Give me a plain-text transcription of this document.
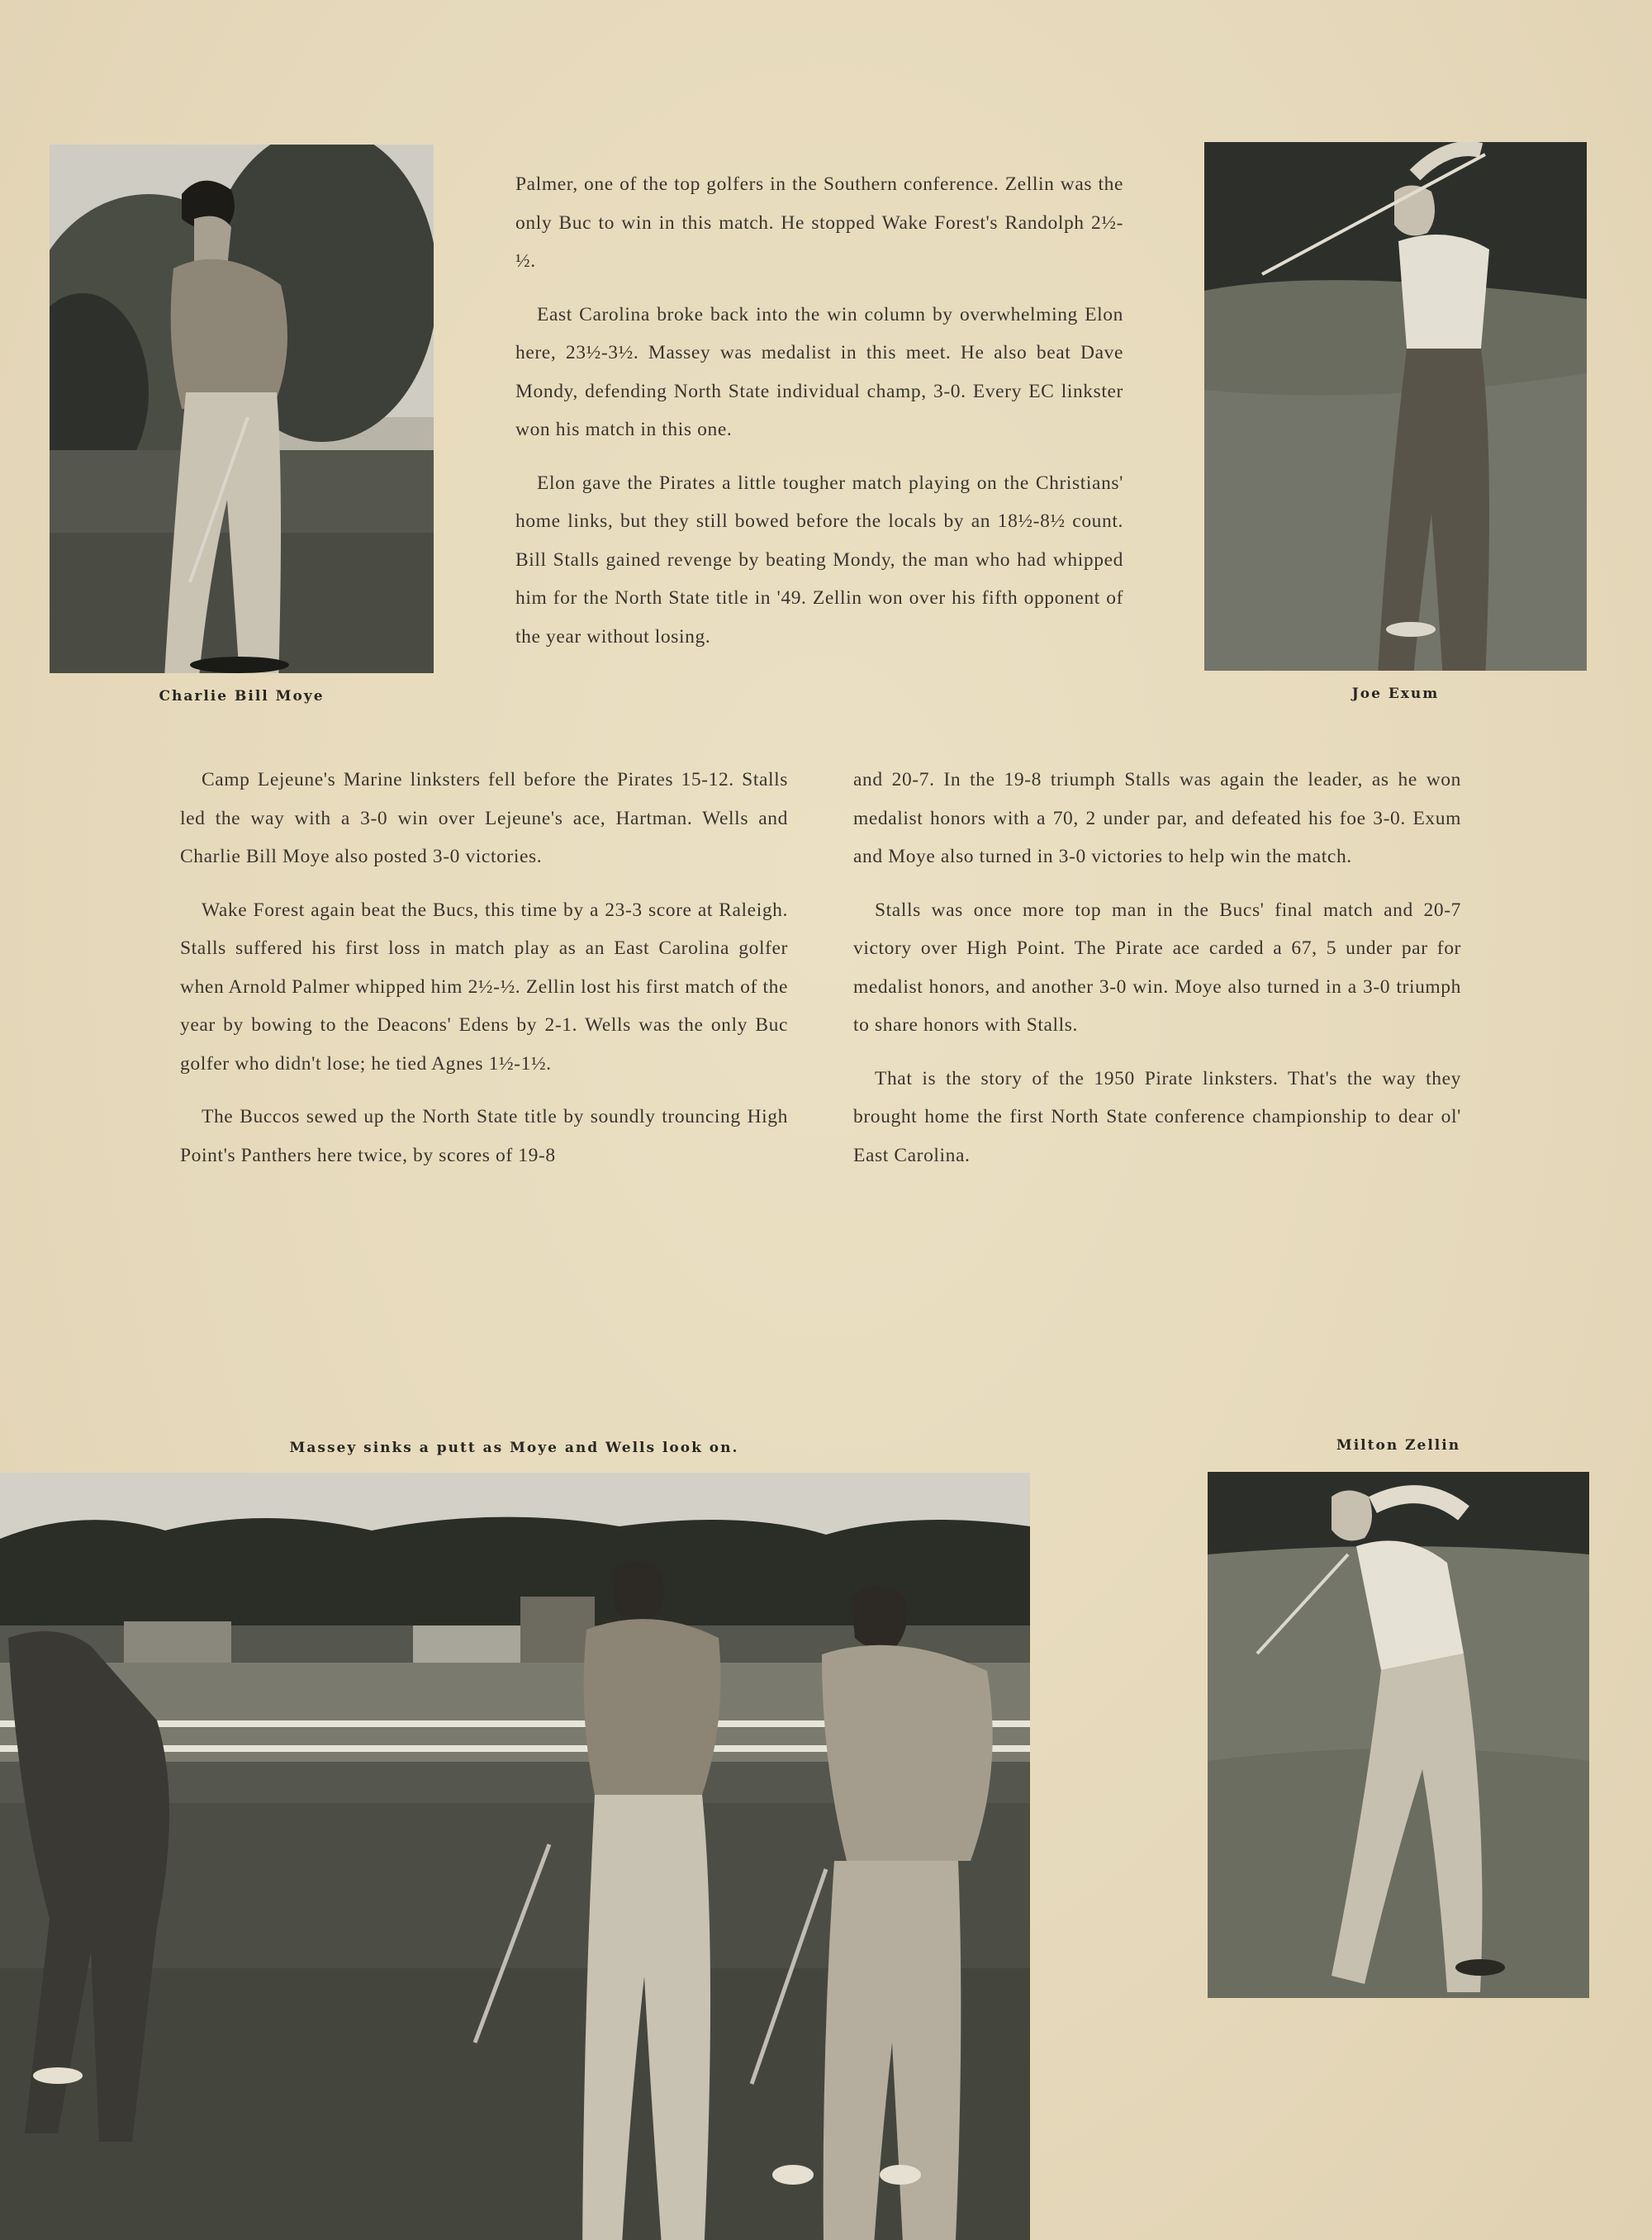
Charlie Bill Moye

Palmer, one of the top golfers in the Southern conference. Zellin was the only Buc to win in this match. He stopped Wake Forest's Randolph 2½-½.

East Carolina broke back into the win column by overwhelming Elon here, 23½-3½. Massey was medalist in this meet. He also beat Dave Mondy, defending North State individual champ, 3-0. Every EC linkster won his match in this one.

Elon gave the Pirates a little tougher match playing on the Christians' home links, but they still bowed before the locals by an 18½-8½ count. Bill Stalls gained revenge by beating Mondy, the man who had whipped him for the North State title in '49. Zellin won over his fifth opponent of the year without losing.

Joe Exum

Camp Lejeune's Marine linksters fell before the Pirates 15-12. Stalls led the way with a 3-0 win over Lejeune's ace, Hartman. Wells and Charlie Bill Moye also posted 3-0 victories.

Wake Forest again beat the Bucs, this time by a 23-3 score at Raleigh. Stalls suffered his first loss in match play as an East Carolina golfer when Arnold Palmer whipped him 2½-½. Zellin lost his first match of the year by bowing to the Deacons' Edens by 2-1. Wells was the only Buc golfer who didn't lose; he tied Agnes 1½-1½.

The Buccos sewed up the North State title by soundly trouncing High Point's Panthers here twice, by scores of 19-8

and 20-7. In the 19-8 triumph Stalls was again the leader, as he won medalist honors with a 70, 2 under par, and defeated his foe 3-0. Exum and Moye also turned in 3-0 victories to help win the match.

Stalls was once more top man in the Bucs' final match and 20-7 victory over High Point. The Pirate ace carded a 67, 5 under par for medalist honors, and another 3-0 win. Moye also turned in a 3-0 triumph to share honors with Stalls.

That is the story of the 1950 Pirate linksters. That's the way they brought home the first North State conference championship to dear ol' East Carolina.

Massey sinks a putt as Moye and Wells look on.	Milton Zellin
